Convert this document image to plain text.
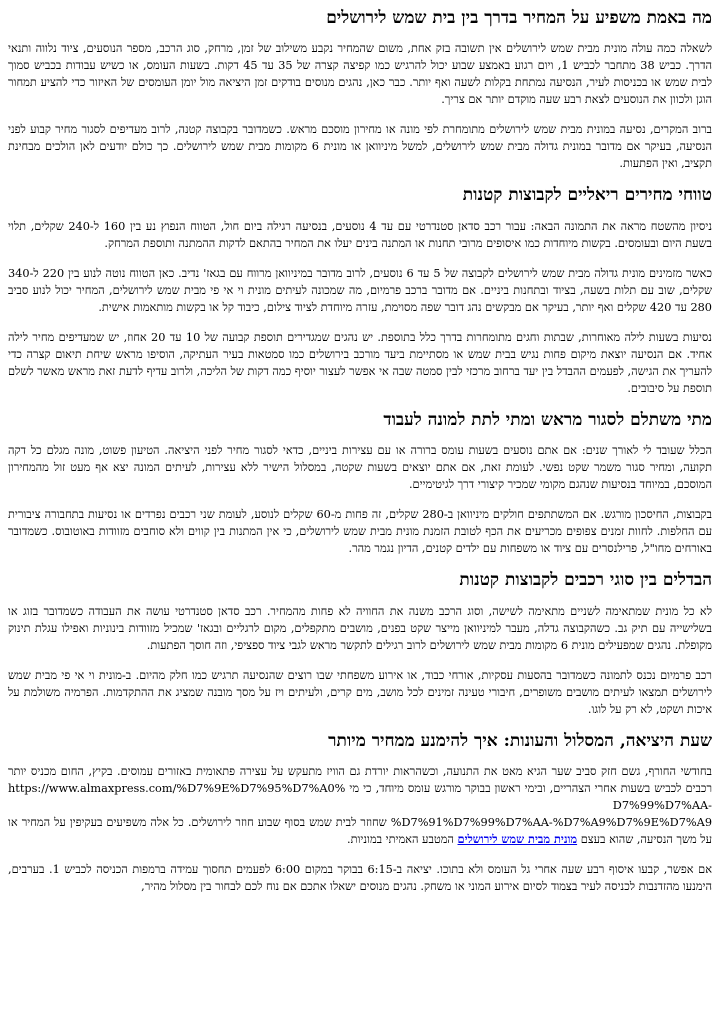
מה באמת משפיע על המחיר בדרך בין בית שמש לירושלים

לשאלה כמה עולה מונית מבית שמש לירושלים אין תשובה בזק אחת, משום שהמחיר נקבע משילוב של זמן, מרחק, סוג הרכב, מספר הנוסעים, ציוד נלווה ותנאי הדרך. כביש 38 מתחבר לכביש 1, ויום רגוע באמצע שבוע יכול להרגיש כמו קפיצה קצרה של 35 עד 45 דקות. בשעות העומס, או כשיש עבודות בכביש סמוך לבית שמש או בכניסות לעיר, הנסיעה נמתחת בקלות לשעה ואף יותר. כבר כאן, נהגים מנוסים בודקים זמן היציאה מול יומן העומסים של האיזור כדי להציע תמחור הוגן ולכוון את הנוסעים לצאת רבע שעה מוקדם יותר אם צריך.

ברוב המקרים, נסיעה במונית מבית שמש לירושלים מתומחרת לפי מונה או מחירון מוסכם מראש. כשמדובר בקבוצה קטנה, לרוב מעדיפים לסגור מחיר קבוע לפני הנסיעה, בעיקר אם מדובר במונית גדולה מבית שמש לירושלים, למשל מיניוואן או מונית 6 מקומות מבית שמש לירושלים. כך כולם יודעים לאן הולכים מבחינת תקציב, ואין הפתעות.

טווחי מחירים ריאליים לקבוצות קטנות

ניסיון מהשטח מראה את התמונה הבאה: עבור רכב סדאן סטנדרטי עם עד 4 נוסעים, בנסיעה רגילה ביום חול, הטווח הנפוץ נע בין 160 ל-240 שקלים, תלוי בשעת היום ובעומסים. בקשות מיוחדות כמו איסופים מרובי תחנות או המתנה בינים יעלו את המחיר בהתאם לדקות ההמתנה ותוספת המרחק.

כאשר מזמינים מונית גדולה מבית שמש לירושלים לקבוצה של 5 עד 6 נוסעים, לרוב מדובר במיניוואן מרווח עם בגאז' נדיב. כאן הטווח נוטה לנוע בין 220 ל-340 שקלים, שוב עם תלות בשעה, בציוד ובתחנות ביניים. אם מדובר ברכב פרמיום, מה שמכונה לעיתים מונית וי אי פי מבית שמש לירושלים, המחיר יכול לנוע סביב 280 עד 420 שקלים ואף יותר, בעיקר אם מבקשים נהג דובר שפה מסוימת, עזרה מיוחדת לציוד צילום, כיבוד קל או בקשות מותאמות אישית.

נסיעות בשעות לילה מאוחרות, שבתות וחגים מתומחרות בדרך כלל בתוספת. יש נהגים שמגדירים תוספת קבועה של 10 עד 20 אחוז, יש שמעדיפים מחיר לילה אחיד. אם הנסיעה יוצאת מיקום פחות נגיש בבית שמש או מסתיימת ביעד מורכב בירושלים כמו סמטאות בעיר העתיקה, הוסיפו מראש שיחת תיאום קצרה כדי להעריך את הגישה, לפעמים ההבדל בין יעד ברחוב מרכזי לבין סמטה שבה אי אפשר לעצור יוסיף כמה דקות של הליכה, ולרוב עדיף לדעת זאת מראש מאשר לשלם תוספת על סיבובים.

מתי משתלם לסגור מראש ומתי לתת למונה לעבוד

הכלל שעובד לי לאורך שנים: אם אתם נוסעים בשעות עומס ברורה או עם עצירות ביניים, כדאי לסגור מחיר לפני היציאה. הטיעון פשוט, מונה מגלם כל דקה תקועה, ומחיר סגור משמר שקט נפשי. לעומת זאת, אם אתם יוצאים בשעות שקטה, במסלול הישיר ללא עצירות, לעיתים המונה יצא אף מעט זול מהמחירון המוסכם, במיוחד בנסיעות שנהגם מקומי שמכיר קיצורי דרך לגיטימיים.

בקבוצות, החיסכון מורגש. אם המשתתפים חולקים מיניוואן ב-280 שקלים, זה פחות מ-60 שקלים לנוסע, לעומת שני רכבים נפרדים או נסיעות בתחבורה ציבורית עם החלפות. לחוות זמנים צפופים מכריעים את הכף לטובת הזמנת מונית מבית שמש לירושלים, כי אין המתנות בין קווים ולא סוחבים מזוודות באוטובוס. כשמדובר באורחים מחו"ל, פרילנסרים עם ציוד או משפחות עם ילדים קטנים, הדיון נגמר מהר.

הבדלים בין סוגי רכבים לקבוצות קטנות

לא כל מונית שמתאימה לשניים מתאימה לשישה, וסוג הרכב משנה את החוויה לא פחות מהמחיר. רכב סדאן סטנדרטי עושה את העבודה כשמדובר בזוג או בשלישייה עם תיק גב. כשהקבוצה גדלה, מעבר למיניוואן מייצר שקט בפנים, מושבים מתקפלים, מקום לרגליים ובגאז' שמכיל מזוודות בינוניות ואפילו עגלת תינוק מקופלת. נהגים שמפעילים מונית 6 מקומות מבית שמש לירושלים לרוב רגילים לתקשר מראש לגבי ציוד ספציפי, וזה חוסך הפתעות.

רכב פרמיום נכנס לתמונה כשמדובר בהסעות עסקיות, אורחי כבוד, או אירוע משפחתי שבו רוצים שהנסיעה תרגיש כמו חלק מהיום. ב-מונית וי אי פי מבית שמש לירושלים תמצאו לעיתים מושבים משופרים, חיבורי טעינה זמינים לכל מושב, מים קרים, ולעיתים ויז על מסך מובנה שמציג את ההתקדמות. הפרמיה משולמת על איכות ושקט, לא רק על לוגו.

שעת היציאה, המסלול והעונות: איך להימנע ממחיר מיותר

בחודשי החורף, גשם חזק סביב שער הגיא מאט את התנועה, וכשהראות יורדת גם הוויז מתעקש על עצירה פתאומית באזורים עמוסים. בקיץ, החום מכניס יותר רכבים לכביש בשעות אחרי הצהריים, ובימי ראשון בבוקר מורגש עומס מיוחד, כי מי https://www.almaxpress.com/%D7%9E%D7%95%D7%A0%D7%99%D7%AA-
%D7%91%D7%99%D7%AA-%D7%A9%D7%9E%D7%A9 שחוזר לבית שמש בסוף שבוע חוזר לירושלים. כל אלה משפיעים בעקיפין על המחיר או על משך הנסיעה, שהוא בעצם מונית מבית שמש לירושלים המטבע האמיתי במוניות.

אם אפשר, קבעו איסוף רבע שעה אחרי גל העומס ולא בתוכו. יציאה ב-6:15 בבוקר במקום 6:00 לפעמים תחסוך עמידה ברמפות הכניסה לכביש 1. בערבים, הימנעו מהזדנבות לכניסה לעיר בצמוד לסיום אירוע המוני או משחק. נהגים מנוסים ישאלו אתכם אם נוח לכם לבחור בין מסלול מהיר,
